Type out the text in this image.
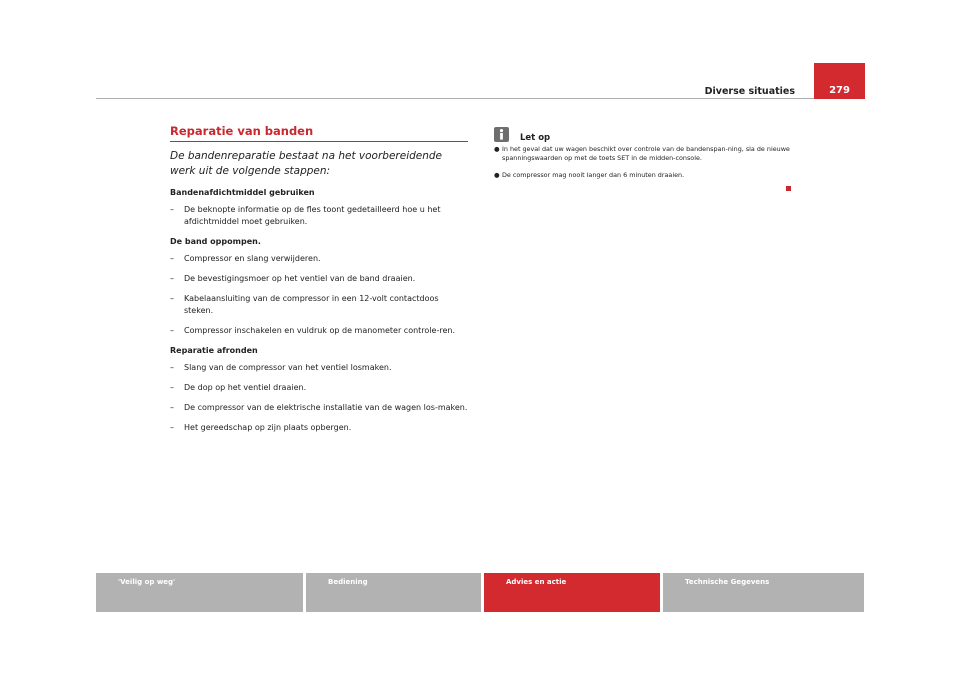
Diverse situaties	279
Reparatie van banden

De bandenreparatie bestaat na het voorbereidende werk uit de volgende stappen:

Bandenafdichtmiddel gebruiken
– De beknopte informatie op de fles toont gedetailleerd hoe u het afdichtmiddel moet gebruiken.
De band oppompen.
– Compressor en slang verwijderen.
– De bevestigingsmoer op het ventiel van de band draaien.
– Kabelaansluiting van de compressor in een 12-volt contactdoos steken.
– Compressor inschakelen en vuldruk op de manometer controle-ren.
Reparatie afronden
– Slang van de compressor van het ventiel losmaken.
– De dop op het ventiel draaien.
– De compressor van de elektrische installatie van de wagen los-maken.
– Het gereedschap op zijn plaats opbergen.
Let op
● In het geval dat uw wagen beschikt over controle van de bandenspan-ning, sla de nieuwe spanningswaarden op met de toets SET in de midden-console.
● De compressor mag nooit langer dan 6 minuten draaien.
'Veilig op weg'	Bediening	Advies en actie	Technische Gegevens
